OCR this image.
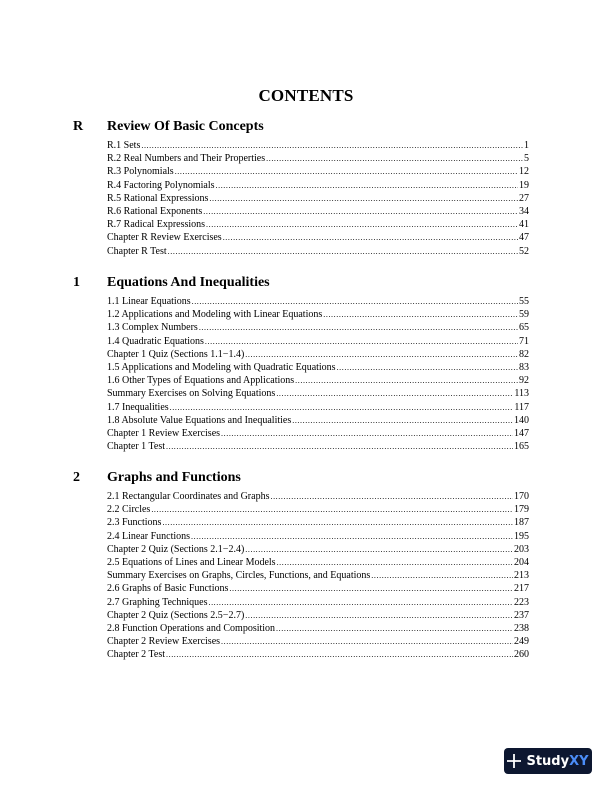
CONTENTS
R Review Of Basic Concepts
R.1 Sets .....	1
R.2 Real Numbers and Their Properties .....	5
R.3 Polynomials .....	12
R.4 Factoring Polynomials .....	19
R.5 Rational Expressions .....	27
R.6 Rational Exponents .....	34
R.7 Radical Expressions .....	41
Chapter R Review Exercises .....	47
Chapter R Test .....	52
1 Equations And Inequalities
1.1 Linear Equations .....	55
1.2 Applications and Modeling with Linear Equations .....	59
1.3 Complex Numbers .....	65
1.4 Quadratic Equations .....	71
Chapter 1 Quiz (Sections 1.1−1.4) .....	82
1.5 Applications and Modeling with Quadratic Equations .....	83
1.6 Other Types of Equations and Applications .....	92
Summary Exercises on Solving Equations .....	113
1.7 Inequalities .....	117
1.8 Absolute Value Equations and Inequalities .....	140
Chapter 1 Review Exercises .....	147
Chapter 1 Test .....	165
2 Graphs and Functions
2.1 Rectangular Coordinates and Graphs .....	170
2.2 Circles .....	179
2.3 Functions .....	187
2.4 Linear Functions .....	195
Chapter 2 Quiz (Sections 2.1−2.4) .....	203
2.5 Equations of Lines and Linear Models .....	204
Summary Exercises on Graphs, Circles, Functions, and Equations .....	213
2.6 Graphs of Basic Functions .....	217
2.7 Graphing Techniques .....	223
Chapter 2 Quiz (Sections 2.5−2.7) .....	237
2.8 Function Operations and Composition .....	238
Chapter 2 Review Exercises .....	249
Chapter 2 Test .....	260
Study XY
